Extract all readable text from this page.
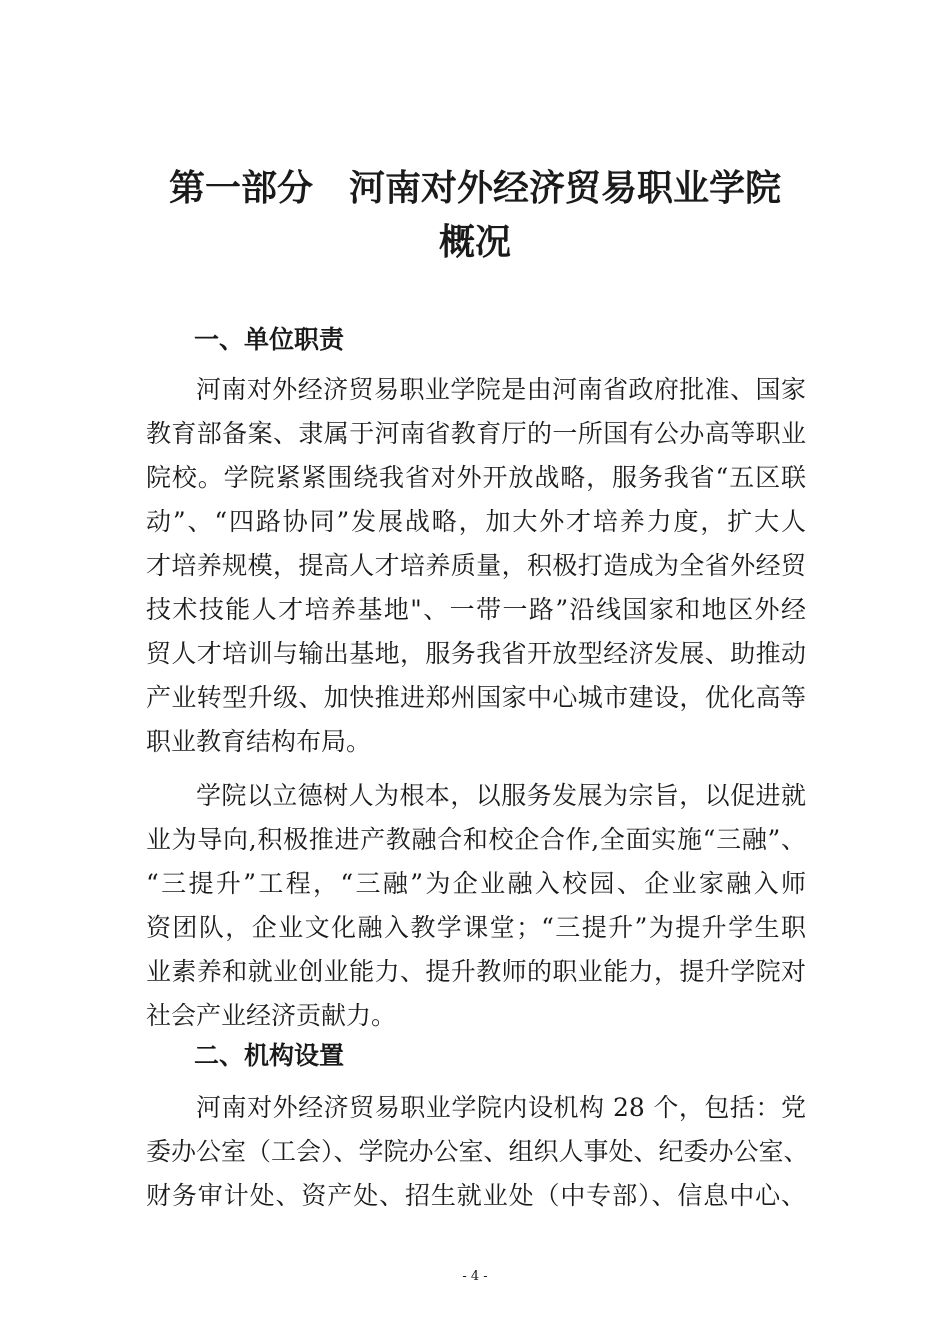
第一部分　河南对外经济贸易职业学院
概况
一、单位职责

河南对外经济贸易职业学院是由河南省政府批准、国家

教育部备案、隶属于河南省教育厅的一所国有公办高等职业

院校。学院紧紧围绕我省对外开放战略，服务我省“五区联

动”、“四路协同”发展战略，加大外才培养力度，扩大人

才培养规模，提高人才培养质量，积极打造成为全省外经贸

技术技能人才培养基地"、一带一路”沿线国家和地区外经

贸人才培训与输出基地，服务我省开放型经济发展、助推动

产业转型升级、加快推进郑州国家中心城市建设，优化高等

职业教育结构布局。

学院以立德树人为根本，以服务发展为宗旨，以促进就

业为导向,积极推进产教融合和校企合作,全面实施“三融”、

“三提升”工程，“三融”为企业融入校园、企业家融入师

资团队，企业文化融入教学课堂；“三提升”为提升学生职

业素养和就业创业能力、提升教师的职业能力，提升学院对

社会产业经济贡献力。

二、机构设置

河南对外经济贸易职业学院内设机构 28 个，包括：党

委办公室（工会）、学院办公室、组织人事处、纪委办公室、

财务审计处、资产处、招生就业处（中专部）、信息中心、

- 4 -
